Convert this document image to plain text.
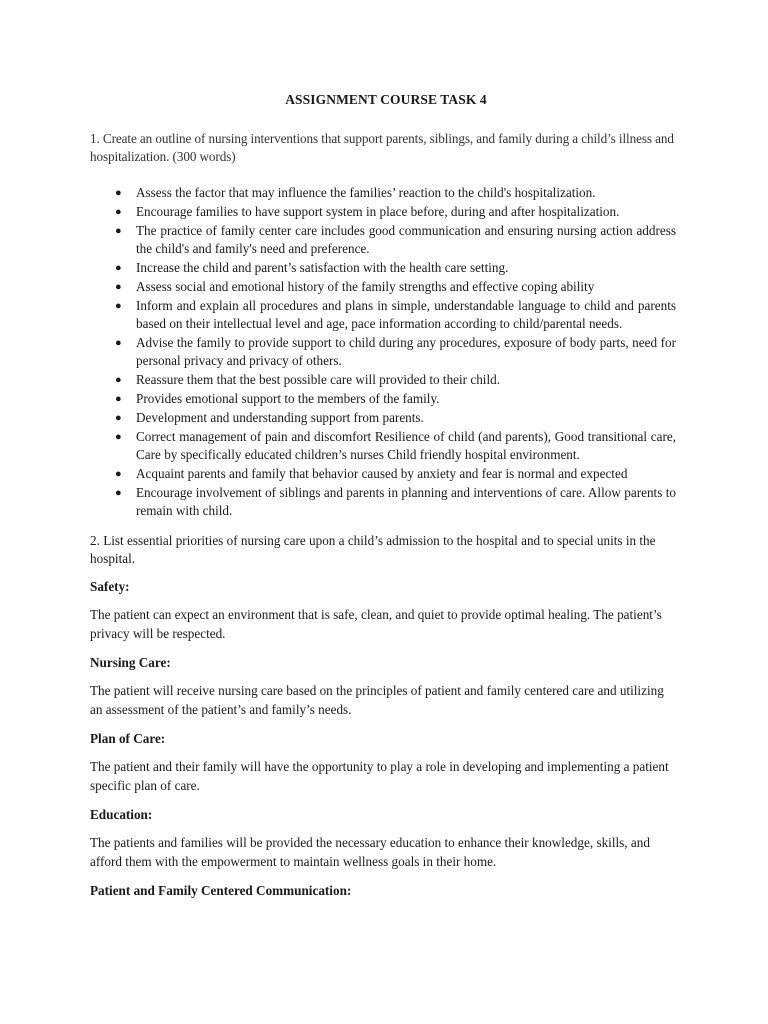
ASSIGNMENT COURSE TASK 4
1. Create an outline of nursing interventions that support parents, siblings, and family during a child’s illness and hospitalization. (300 words)
● Assess the factor that may influence the families’ reaction to the child's hospitalization.
● Encourage families to have support system in place before, during and after hospitalization.
● The practice of family center care includes good communication and ensuring nursing action address the child's and family's need and preference.
● Increase the child and parent’s satisfaction with the health care setting.
● Assess social and emotional history of the family strengths and effective coping ability
● Inform and explain all procedures and plans in simple, understandable language to child and parents based on their intellectual level and age, pace information according to child/parental needs.
● Advise the family to provide support to child during any procedures, exposure of body parts, need for personal privacy and privacy of others.
● Reassure them that the best possible care will provided to their child.
● Provides emotional support to the members of the family.
● Development and understanding support from parents.
● Correct management of pain and discomfort Resilience of child (and parents), Good transitional care, Care by specifically educated children’s nurses Child friendly hospital environment.
● Acquaint parents and family that behavior caused by anxiety and fear is normal and expected
● Encourage involvement of siblings and parents in planning and interventions of care. Allow parents to remain with child.
2. List essential priorities of nursing care upon a child’s admission to the hospital and to special units in the hospital.
Safety:
The patient can expect an environment that is safe, clean, and quiet to provide optimal healing. The patient’s privacy will be respected.
Nursing Care:
The patient will receive nursing care based on the principles of patient and family centered care and utilizing an assessment of the patient’s and family’s needs.
Plan of Care:
The patient and their family will have the opportunity to play a role in developing and implementing a patient specific plan of care.
Education:
The patients and families will be provided the necessary education to enhance their knowledge, skills, and afford them with the empowerment to maintain wellness goals in their home.
Patient and Family Centered Communication:
